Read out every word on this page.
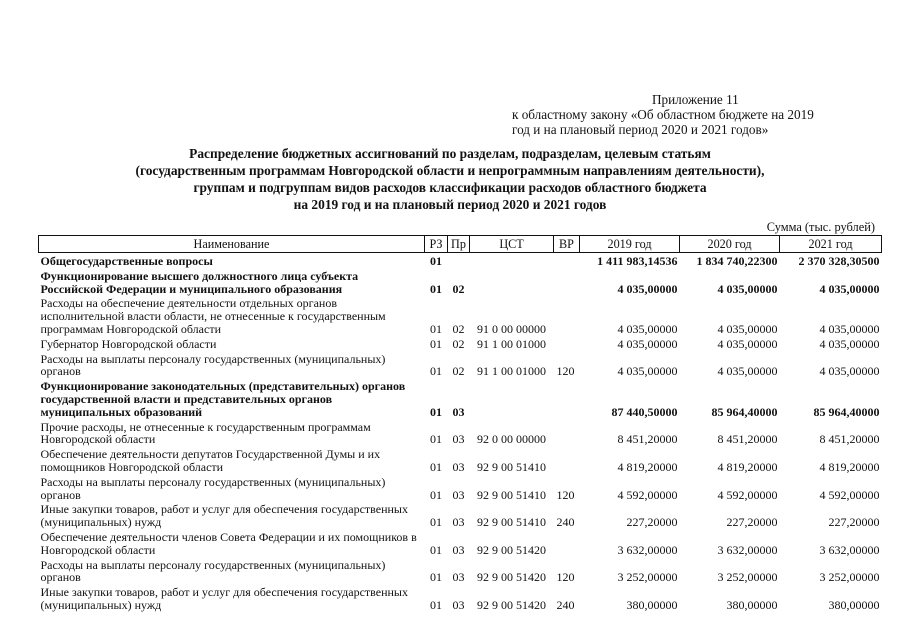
Приложение 11
к областному закону «Об областном бюджете на 2019
год и на плановый период 2020 и 2021 годов»
Распределение бюджетных ассигнований по разделам, подразделам, целевым статьям
(государственным программам Новгородской области и непрограммным направлениям деятельности),
группам и подгруппам видов расходов классификации расходов областного бюджета
на 2019 год и на плановый период 2020 и 2021 годов
Сумма (тыс. рублей)
Наименование	РЗ	Пр	ЦСТ	ВР	2019 год	2020 год	2021 год
Общегосударственные вопросы	01				1 411 983,14536	1 834 740,22300	2 370 328,30500
Функционирование высшего должностного лица субъекта Российской Федерации и муниципального образования	01	02			4 035,00000	4 035,00000	4 035,00000
Расходы на обеспечение деятельности отдельных органов исполнительной власти области, не отнесенные к государственным программам Новгородской области	01	02	91 0 00 00000		4 035,00000	4 035,00000	4 035,00000
Губернатор Новгородской области	01	02	91 1 00 01000		4 035,00000	4 035,00000	4 035,00000
Расходы на выплаты персоналу государственных (муниципальных) органов	01	02	91 1 00 01000	120	4 035,00000	4 035,00000	4 035,00000
Функционирование законодательных (представительных) органов государственной власти и представительных органов муниципальных образований	01	03			87 440,50000	85 964,40000	85 964,40000
Прочие расходы, не отнесенные к государственным программам Новгородской области	01	03	92 0 00 00000		8 451,20000	8 451,20000	8 451,20000
Обеспечение деятельности депутатов Государственной Думы и их помощников Новгородской области	01	03	92 9 00 51410		4 819,20000	4 819,20000	4 819,20000
Расходы на выплаты персоналу государственных (муниципальных) органов	01	03	92 9 00 51410	120	4 592,00000	4 592,00000	4 592,00000
Иные закупки товаров, работ и услуг для обеспечения государственных (муниципальных) нужд	01	03	92 9 00 51410	240	227,20000	227,20000	227,20000
Обеспечение деятельности членов Совета Федерации и их помощников в Новгородской области	01	03	92 9 00 51420		3 632,00000	3 632,00000	3 632,00000
Расходы на выплаты персоналу государственных (муниципальных) органов	01	03	92 9 00 51420	120	3 252,00000	3 252,00000	3 252,00000
Иные закупки товаров, работ и услуг для обеспечения государственных (муниципальных) нужд	01	03	92 9 00 51420	240	380,00000	380,00000	380,00000
